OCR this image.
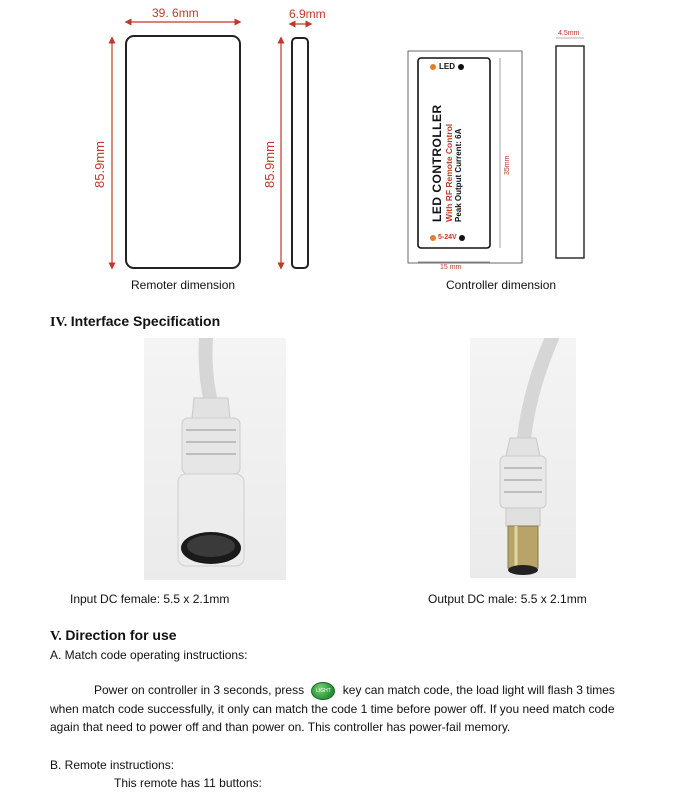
39. 6mm
85.9mm
6.9mm
85.9mm
Remoter dimension
LED
5-24V
LED CONTROLLER With RF Remote Control Peak Output Current: 6A
15 mm
35mm
4.5mm
Controller dimension
IV. Interface Specification
Input DC female: 5.5 x 2.1mm	Output DC male: 5.5 x 2.1mm
V. Direction for use
A. Match code operating instructions:
Power on controller in 3 seconds, press LIGHT key can match code, the load light will flash 3 times
when match code successfully, it only can match the code 1 time before power off. If you need match code
again that need to power off and than power on. This controller has power-fail memory.
B. Remote instructions:
This remote has 11 buttons:
